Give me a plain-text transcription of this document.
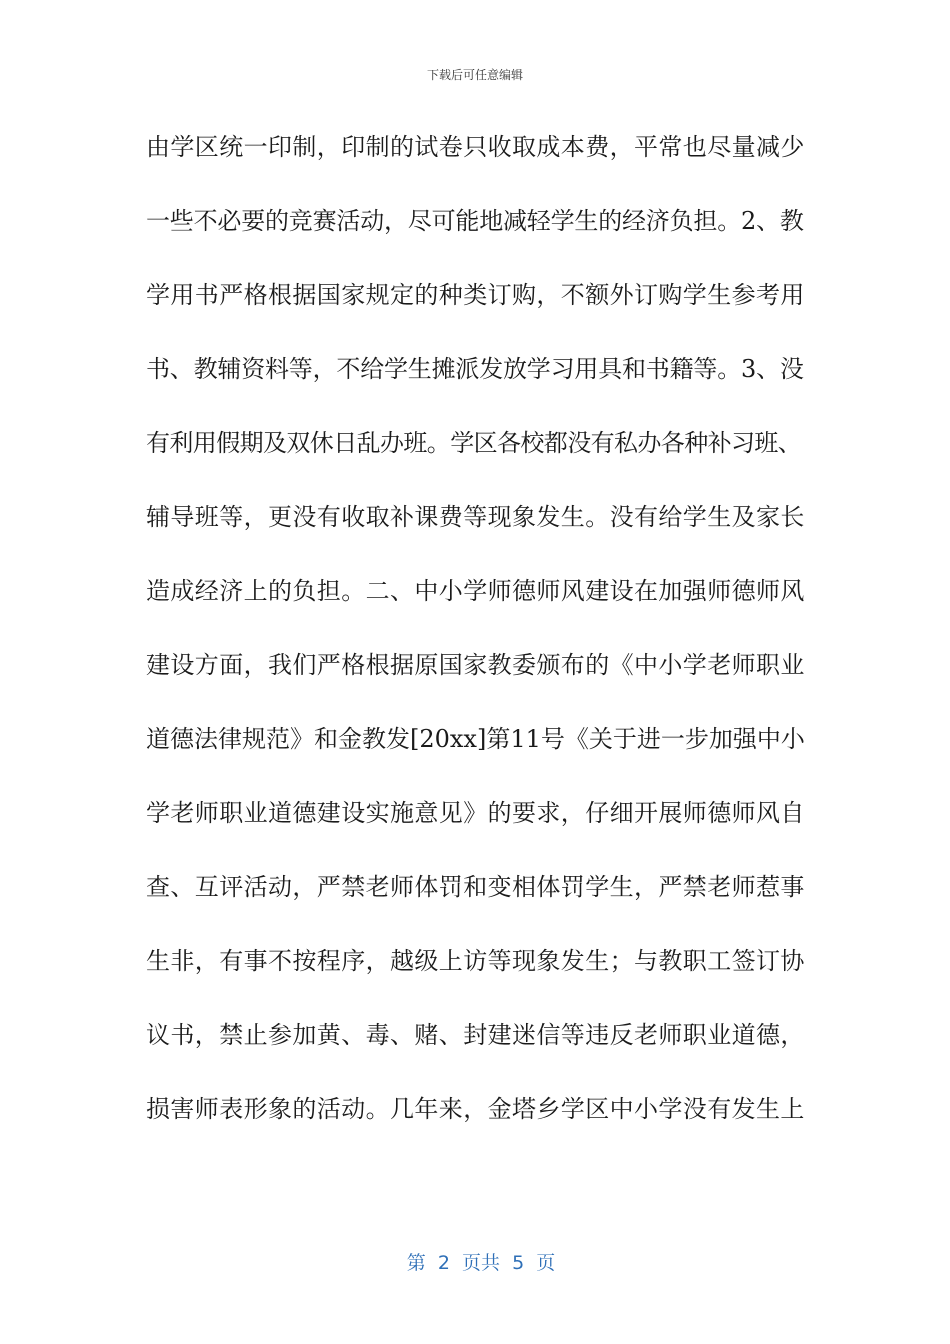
下载后可任意编辑
由学区统一印制，印制的试卷只收取成本费，平常也尽量减少
一些不必要的竞赛活动，尽可能地减轻学生的经济负担。2、教
学用书严格根据国家规定的种类订购，不额外订购学生参考用
书、教辅资料等，不给学生摊派发放学习用具和书籍等。3、没
有利用假期及双休日乱办班。学区各校都没有私办各种补习班、
辅导班等，更没有收取补课费等现象发生。没有给学生及家长
造成经济上的负担。二、中小学师德师风建设在加强师德师风
建设方面，我们严格根据原国家教委颁布的《中小学老师职业
道德法律规范》和金教发[20xx]第11号《关于进一步加强中小
学老师职业道德建设实施意见》的要求，仔细开展师德师风自
查、互评活动，严禁老师体罚和变相体罚学生，严禁老师惹事
生非，有事不按程序，越级上访等现象发生；与教职工签订协
议书，禁止参加黄、毒、赌、封建迷信等违反老师职业道德，
损害师表形象的活动。几年来，金塔乡学区中小学没有发生上

第  2  页共  5  页
